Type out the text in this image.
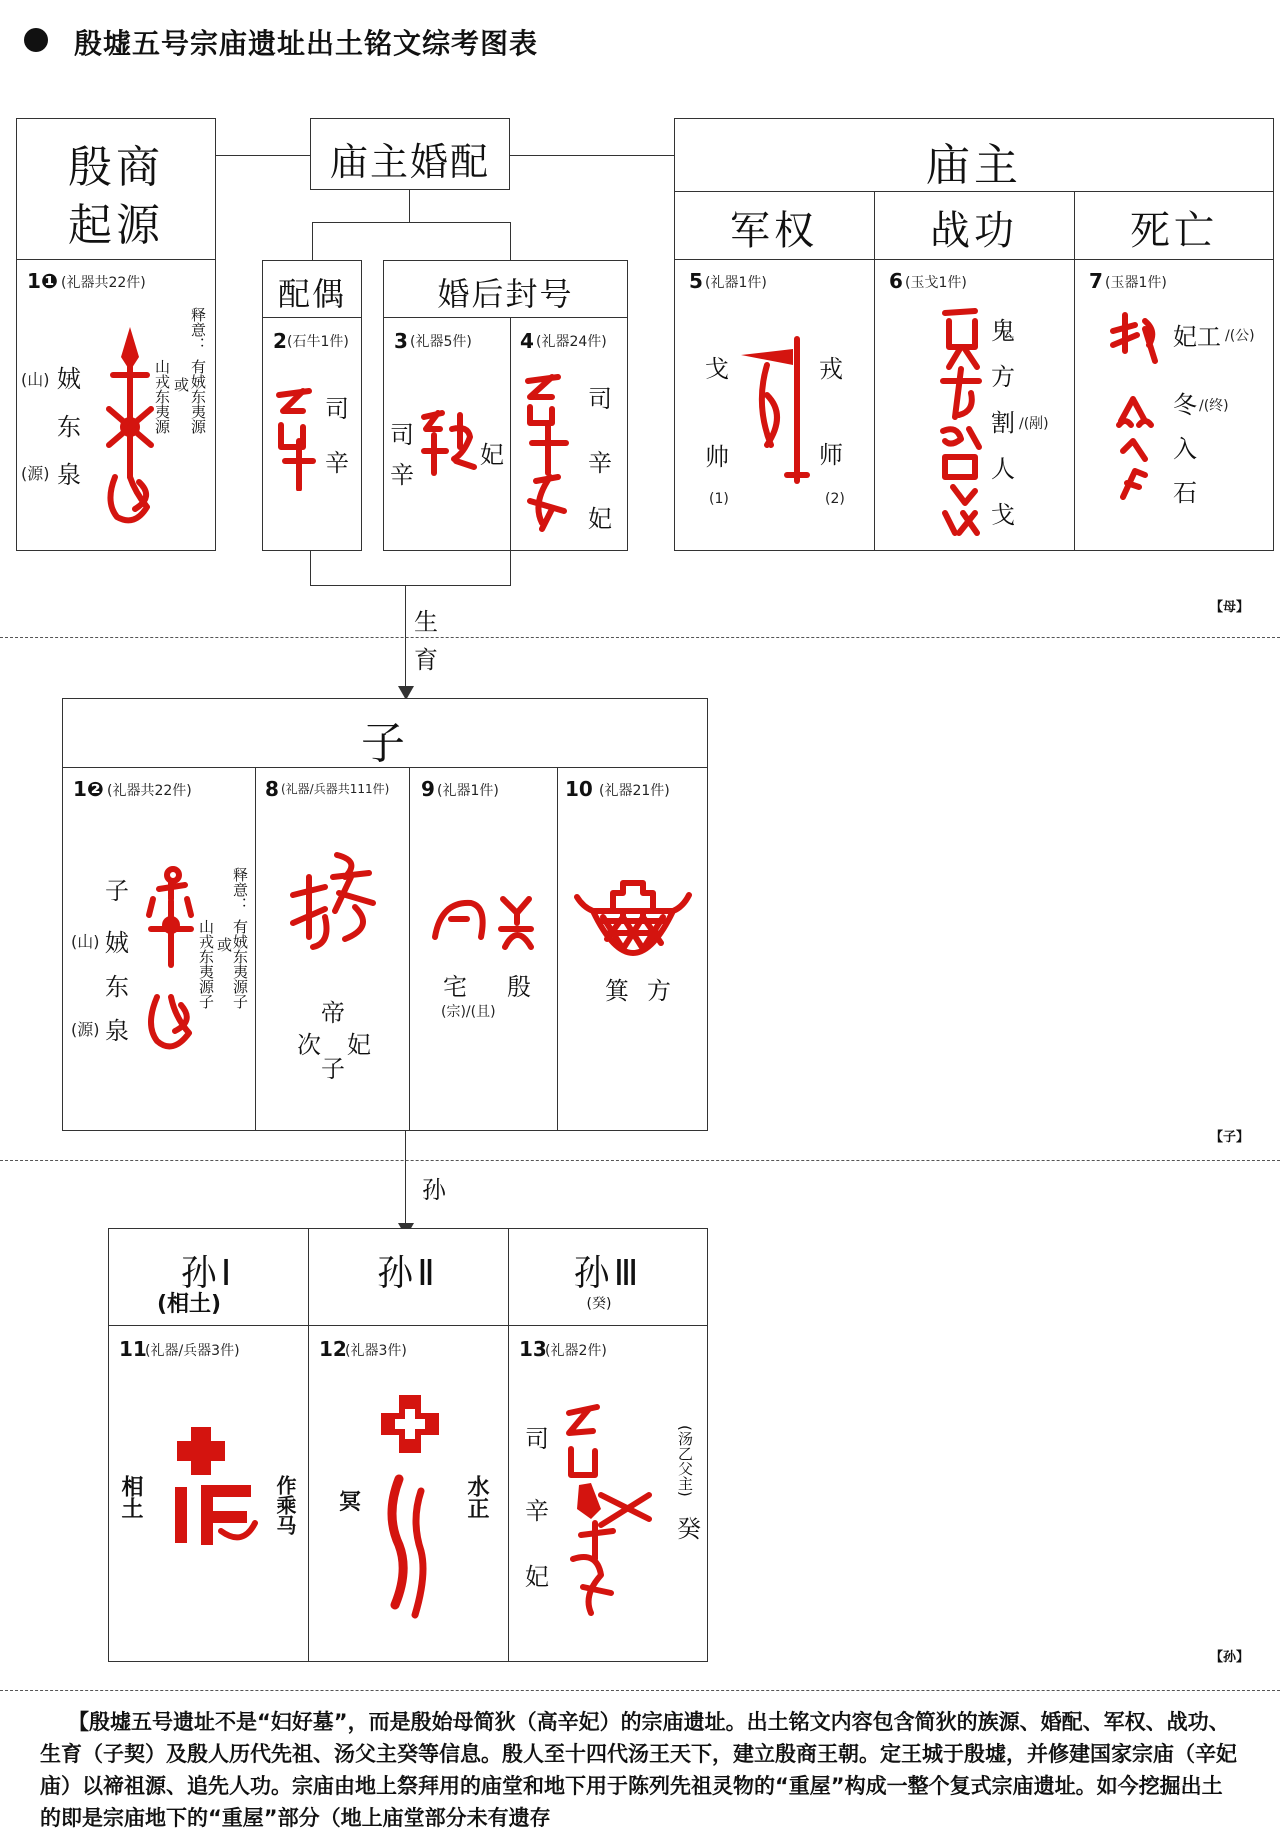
殷墟五号宗庙遗址出土铭文综考图表
殷商
起源
1❶ (礼器共22件)
(山) 娀
东
(源) 泉
释意：
有娀东夷源
或
山戎东夷源
庙主婚配
配偶
2 (石牛1件)
司
辛
婚后封号
3 (礼器5件)
司
辛
妃
4 (礼器24件)
司
辛
妃
庙主
军权	战功	死亡
5 (礼器1件)
戈	戎
帅	师
(1)	(2)
6 (玉戈1件)
鬼
方
割 /(剐)
人
戈
7 (玉器1件)
妃工 /(公)
冬 /(终)
入
石
生
育
【母】
子
1❷ (礼器共22件)
子
(山) 娀
东
(源) 泉
释意：
有娀东夷源子
或
山戎东夷源子
8 (礼器/兵器共111件)
帝
次 妃
子
9 (礼器1件)
宅 殷
(宗)/(且)
10 (礼器21件)
箕 方
孙
【子】
孙Ⅰ
(相土)
孙Ⅱ	孙Ⅲ
(癸)
11
(礼器/兵器3件)
相土	作乘马
12
(礼器3件)
冥	水正
13
(礼器2件)
司
辛
妃
(汤乙父主)
癸
【孙】
【殷墟五号遗址不是“妇好墓”，而是殷始母简狄（高辛妃）的宗庙遗址。出土铭文内容包含简狄的族源、婚配、军权、战功、生育（子契）及殷人历代先祖、汤父主癸等信息。殷人至十四代汤王天下，建立殷商王朝。定王城于殷墟，并修建国家宗庙（辛妃庙）以禘祖源、追先人功。宗庙由地上祭拜用的庙堂和地下用于陈列先祖灵物的“重屋”构成一整个复式宗庙遗址。如今挖掘出土的即是宗庙地下的“重屋”部分（地上庙堂部分未有遗存
